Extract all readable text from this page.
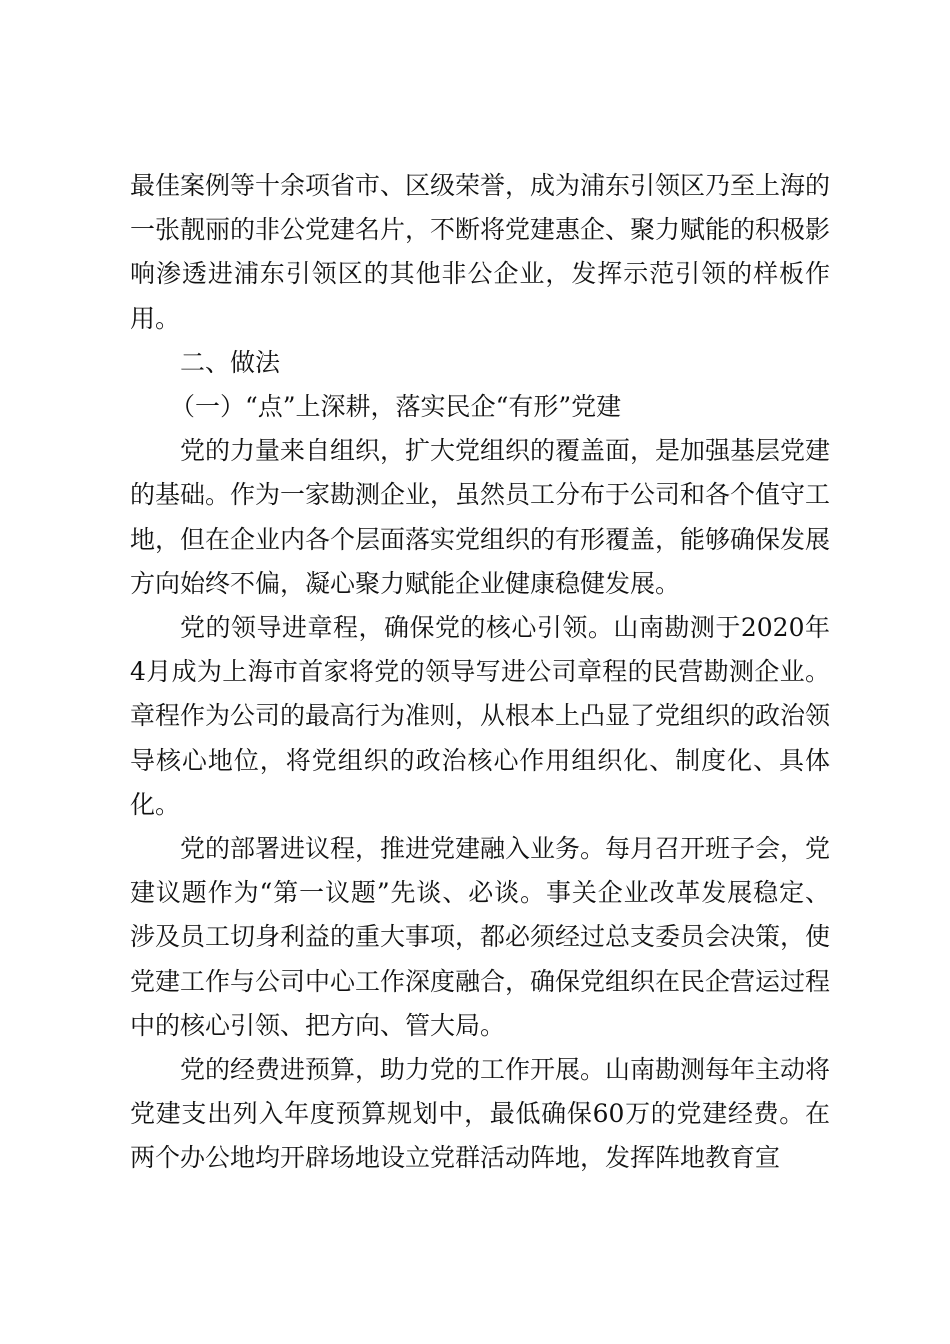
最佳案例等十余项省市、区级荣誉，成为浦东引领区乃至上海的一张靓丽的非公党建名片，不断将党建惠企、聚力赋能的积极影响渗透进浦东引领区的其他非公企业，发挥示范引领的样板作用。

二、做法

（一）“点”上深耕，落实民企“有形”党建

党的力量来自组织，扩大党组织的覆盖面，是加强基层党建的基础。作为一家勘测企业，虽然员工分布于公司和各个值守工地，但在企业内各个层面落实党组织的有形覆盖，能够确保发展方向始终不偏，凝心聚力赋能企业健康稳健发展。

党的领导进章程，确保党的核心引领。山南勘测于2020年4月成为上海市首家将党的领导写进公司章程的民营勘测企业。章程作为公司的最高行为准则，从根本上凸显了党组织的政治领导核心地位，将党组织的政治核心作用组织化、制度化、具体化。

党的部署进议程，推进党建融入业务。每月召开班子会，党建议题作为“第一议题”先谈、必谈。事关企业改革发展稳定、涉及员工切身利益的重大事项，都必须经过总支委员会决策，使党建工作与公司中心工作深度融合，确保党组织在民企营运过程中的核心引领、把方向、管大局。

党的经费进预算，助力党的工作开展。山南勘测每年主动将党建支出列入年度预算规划中，最低确保60万的党建经费。在两个办公地均开辟场地设立党群活动阵地，发挥阵地教育宣
